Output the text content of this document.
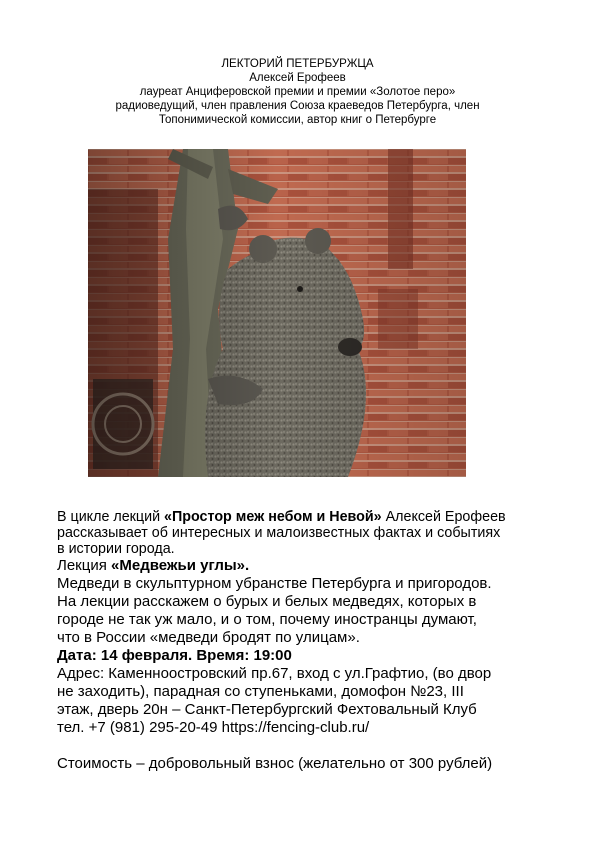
ЛЕКТОРИЙ ПЕТЕРБУРЖЦА
Алексей Ерофеев
лауреат Анциферовской премии и премии «Золотое перо»
радиоведущий, член правления Союза краеведов Петербурга, член
Топонимической комиссии, автор книг о Петербурге

В цикле лекций «Простор меж небом и Невой» Алексей Ерофеев
рассказывает об интересных и малоизвестных фактах и событиях
в истории города.

Лекция «Медвежьи углы».

Медведи в скульптурном убранстве Петербурга и пригородов.
На лекции расскажем о бурых и белых медведях, которых в
городе не так уж мало, и о том, почему иностранцы думают,
что в России «медведи бродят по улицам».

Дата: 14 февраля. Время: 19:00

Адрес: Каменноостровский пр.67, вход с ул.Графтио, (во двор
не заходить), парадная со ступеньками, домофон №23, III
этаж, дверь 20н – Санкт-Петербургский Фехтовальный Клуб
тел. +7 (981) 295-20-49 https://fencing-club.ru/

Стоимость – добровольный взнос (желательно от 300 рублей)
